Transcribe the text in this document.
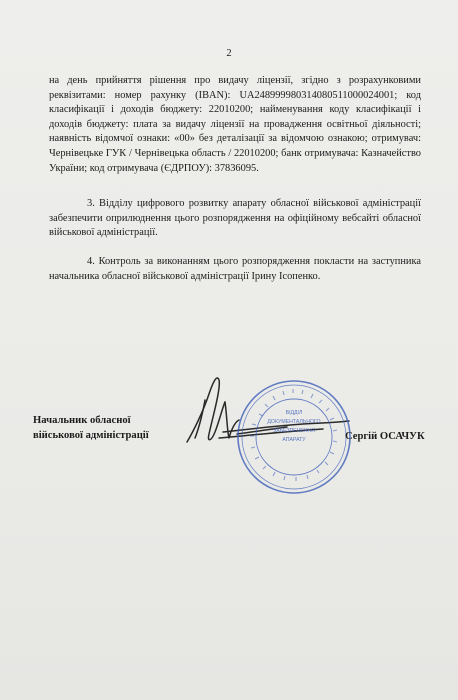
2

на день прийняття рішення про видачу ліцензії, згідно з розрахунковими реквізитами: номер рахунку (IBAN): UA248999980314080511000024001; код класифікації і доходів бюджету: 22010200; найменування коду класифікації і доходів бюджету: плата за видачу ліцензії на провадження освітньої діяльності; наявність відомчої ознаки: «00» без деталізації за відомчою ознакою; отримувач: Чернівецьке ГУК / Чернівецька область / 22010200; банк отримувача: Казначейство України; код отримувача (ЄДРПОУ): 37836095.

3. Відділу цифрового розвитку апарату обласної військової адміністрації забезпечити оприлюднення цього розпорядження на офіційному вебсайті обласної військової адміністрації.

4. Контроль за виконанням цього розпорядження покласти на заступника начальника обласної військової адміністрації Ірину Ісопенко.

Начальник обласної
військової адміністрації
ВІДДІЛ
ДОКУМЕНТАЛЬНОГО
ЗАБЕЗПЕЧЕННЯ
АПАРАТУ	Сергій ОСАЧУК
